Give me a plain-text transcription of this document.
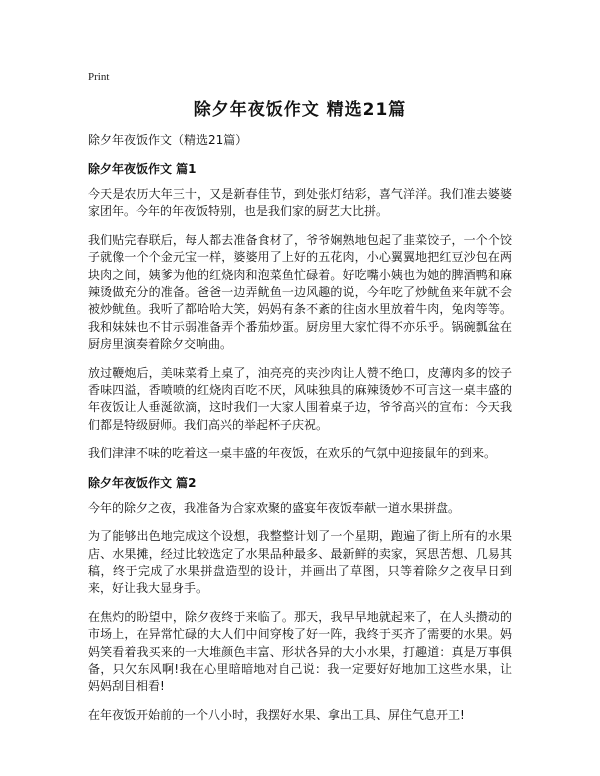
Print
除夕年夜饭作文 精选21篇

除夕年夜饭作文（精选21篇）

除夕年夜饭作文 篇1

今天是农历大年三十，又是新春佳节，到处张灯结彩，喜气洋洋。我们准去婆婆家团年。今年的年夜饭特别，也是我们家的厨艺大比拼。

我们贴完春联后，每人都去准备食材了，爷爷娴熟地包起了韭菜饺子，一个个饺子就像一个个金元宝一样，婆婆用了上好的五花肉，小心翼翼地把红豆沙包在两块肉之间，姨爹为他的红烧肉和泡菜鱼忙碌着。好吃嘴小姨也为她的脾酒鸭和麻辣烫做充分的准备。爸爸一边弄鱿鱼一边风趣的说，今年吃了炒鱿鱼来年就不会被炒鱿鱼。我听了都哈哈大笑，妈妈有条不紊的往卤水里放着牛肉，兔肉等等。我和妹妹也不甘示弱准备弄个番茄炒蛋。厨房里大家忙得不亦乐乎。锅碗瓢盆在厨房里演奏着除夕交响曲。

放过鞭炮后，美味菜肴上桌了，油亮亮的夹沙肉让人赞不绝口，皮薄肉多的饺子香味四溢，香喷喷的红烧肉百吃不厌，风味独具的麻辣烫妙不可言这一桌丰盛的年夜饭让人垂涎欲滴，这时我们一大家人围着桌子边，爷爷高兴的宣布：今天我们都是特级厨师。我们高兴的举起杯子庆祝。

我们津津不味的吃着这一桌丰盛的年夜饭，在欢乐的气氛中迎接鼠年的到来。

除夕年夜饭作文 篇2

今年的除夕之夜，我准备为合家欢聚的盛宴年夜饭奉献一道水果拼盘。

为了能够出色地完成这个设想，我整整计划了一个星期，跑遍了街上所有的水果店、水果摊，经过比较选定了水果品种最多、最新鲜的卖家，冥思苦想、几易其稿，终于完成了水果拼盘造型的设计，并画出了草图，只等着除夕之夜早日到来，好让我大显身手。

在焦灼的盼望中，除夕夜终于来临了。那天，我早早地就起来了，在人头攒动的市场上，在异常忙碌的大人们中间穿梭了好一阵，我终于买齐了需要的水果。妈妈笑看着我买来的一大堆颜色丰富、形状各异的大小水果，打趣道：真是万事俱备，只欠东风啊!我在心里暗暗地对自己说：我一定要好好地加工这些水果，让妈妈刮目相看!

在年夜饭开始前的一个八小时，我摆好水果、拿出工具、屏住气息开工!
